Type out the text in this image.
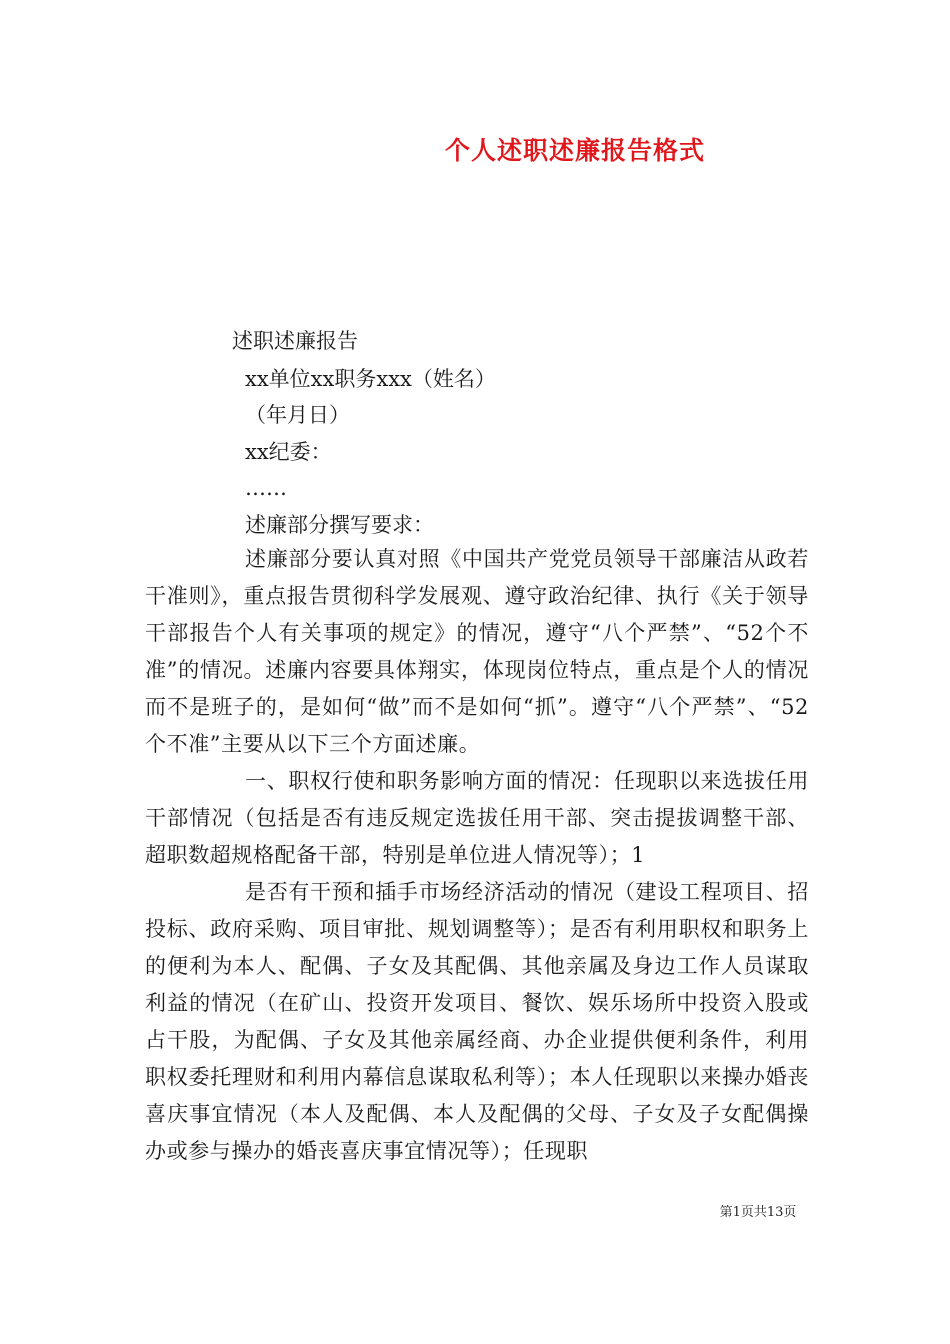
个人述职述廉报告格式
述职述廉报告
xx单位xx职务xxx（姓名）
（年月日）
xx纪委：
……
述廉部分撰写要求：
述廉部分要认真对照《中国共产党党员领导干部廉洁从政若干准则》，重点报告贯彻科学发展观、遵守政治纪律、执行《关于领导干部报告个人有关事项的规定》的情况，遵守“八个严禁”、“52个不准”的情况。述廉内容要具体翔实，体现岗位特点，重点是个人的情况而不是班子的，是如何“做”而不是如何“抓”。遵守“八个严禁”、“52个不准”主要从以下三个方面述廉。
一、职权行使和职务影响方面的情况：任现职以来选拔任用干部情况（包括是否有违反规定选拔任用干部、突击提拔调整干部、超职数超规格配备干部，特别是单位进人情况等）；1
是否有干预和插手市场经济活动的情况（建设工程项目、招投标、政府采购、项目审批、规划调整等）；是否有利用职权和职务上的便利为本人、配偶、子女及其配偶、其他亲属及身边工作人员谋取利益的情况（在矿山、投资开发项目、餐饮、娱乐场所中投资入股或占干股，为配偶、子女及其他亲属经商、办企业提供便利条件，利用职权委托理财和利用内幕信息谋取私利等）；本人任现职以来操办婚丧喜庆事宜情况（本人及配偶、本人及配偶的父母、子女及子女配偶操办或参与操办的婚丧喜庆事宜情况等）；任现职
第1页共13页
